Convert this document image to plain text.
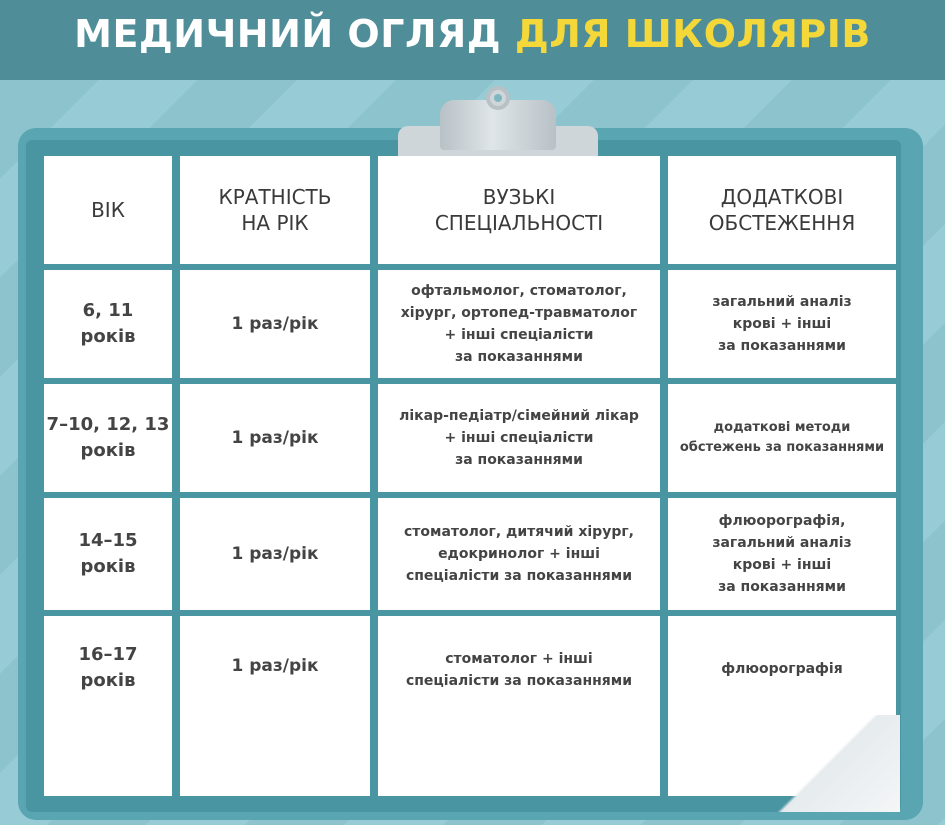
МЕДИЧНИЙ ОГЛЯД ДЛЯ ШКОЛЯРІВ
ВІК
КРАТНІСТЬ
НА РІК
ВУЗЬКІ
СПЕЦІАЛЬНОСТІ
ДОДАТКОВІ
ОБСТЕЖЕННЯ
6, 11
років
1 раз/рік
офтальмолог, стоматолог,
хірург, ортопед-травматолог
+ інші спеціалісти
за показаннями
загальний аналіз
крові + інші
за показаннями
7–10, 12, 13
років
1 раз/рік
лікар-педіатр/сімейний лікар
+ інші спеціалісти
за показаннями
додаткові методи
обстежень за показаннями
14–15
років
1 раз/рік
стоматолог, дитячий хірург,
едокринолог + інші
спеціалісти за показаннями
флюорографія,
загальний аналіз
крові + інші
за показаннями
16–17
років
1 раз/рік	стоматолог + інші
спеціалісти за показаннями
флюорографія
